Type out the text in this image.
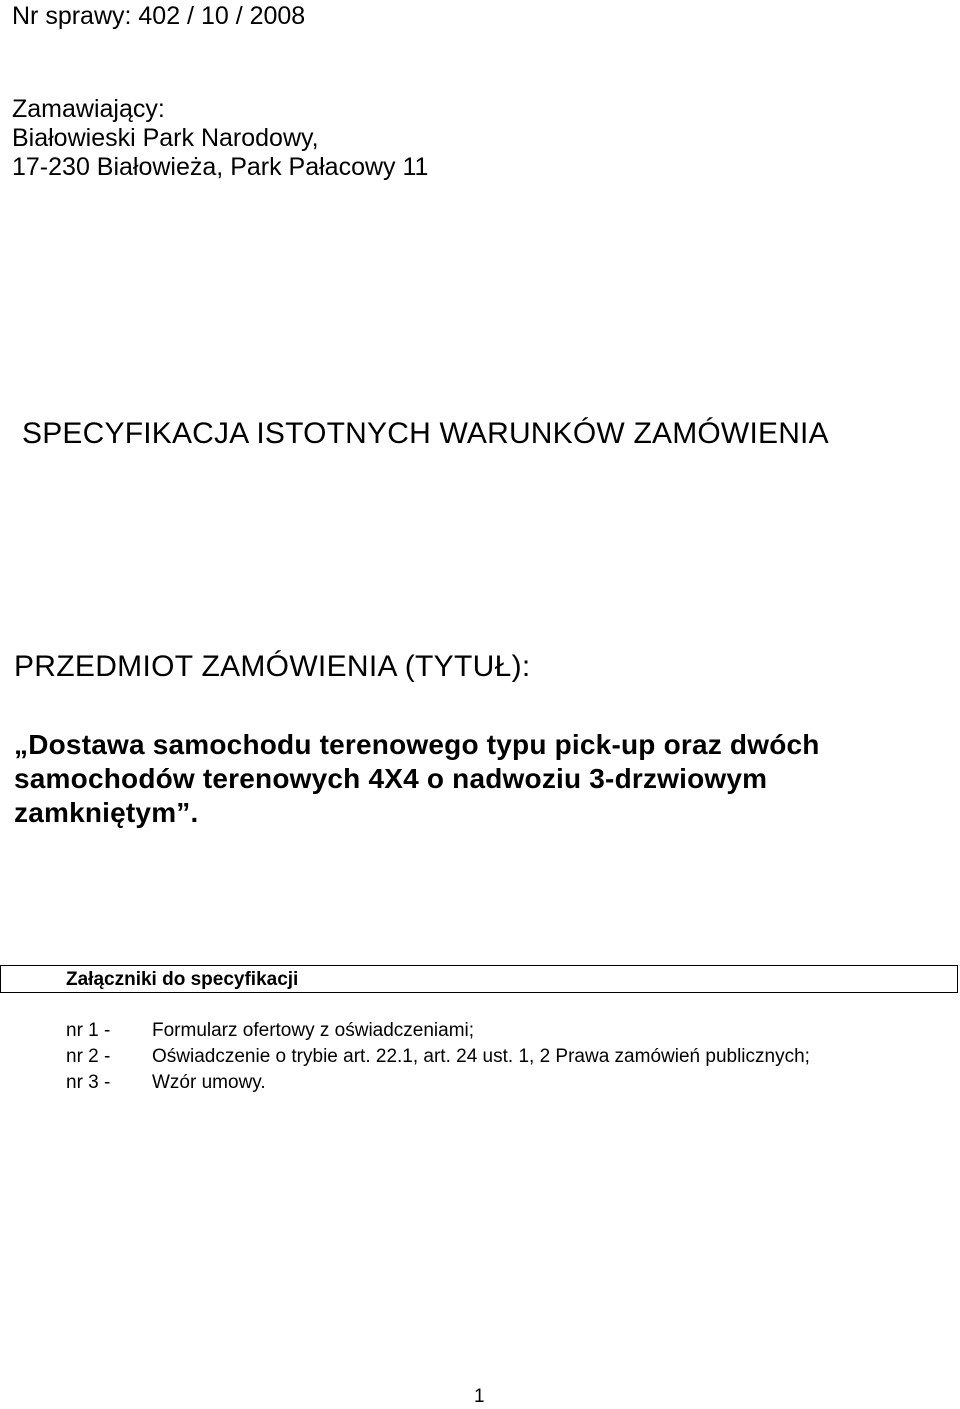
Nr sprawy: 402 / 10 / 2008
Zamawiający:
Białowieski Park Narodowy,
17-230 Białowieża, Park Pałacowy 11
SPECYFIKACJA ISTOTNYCH WARUNKÓW ZAMÓWIENIA
PRZEDMIOT ZAMÓWIENIA (TYTUŁ):
„Dostawa samochodu terenowego typu pick-up oraz dwóch samochodów terenowych 4X4 o nadwoziu 3-drzwiowym zamkniętym”.
Załączniki do specyfikacji
nr 1 - Formularz ofertowy z oświadczeniami;
nr 2 - Oświadczenie o trybie art. 22.1, art. 24 ust. 1, 2 Prawa zamówień publicznych;
nr 3 - Wzór umowy.
1
